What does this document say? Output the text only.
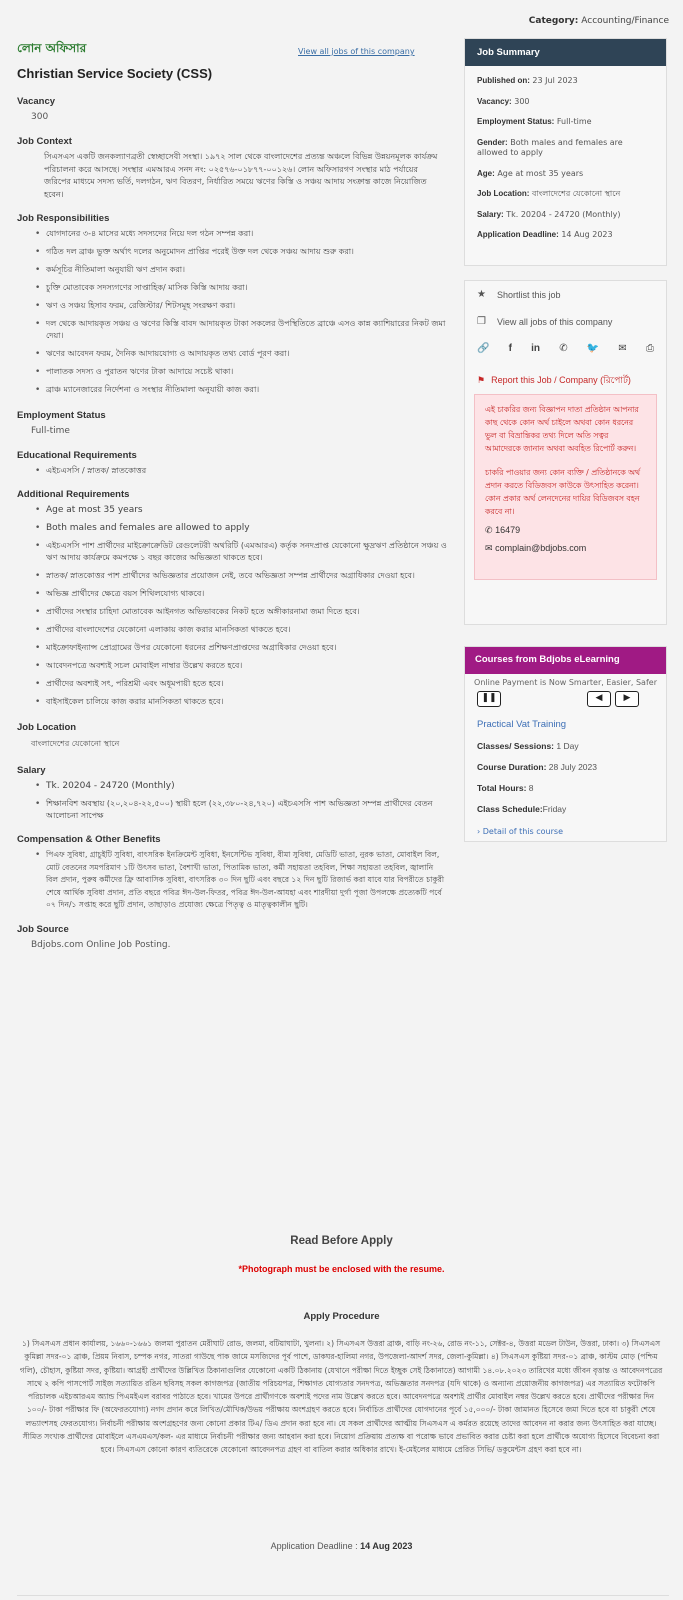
Category: Accounting/Finance
লোন অফিসার
Christian Service Society (CSS)
Vacancy
300
Job Context
সিএসএস একটি জনকল্যাণব্রতী স্বেচ্ছাসেবী সংস্থা। ১৯৭২ সাল থেকে বাংলাদেশের প্রত্যন্ত অঞ্চলে বিভিন্ন উন্নয়নমূলক কার্যক্রম পরিচালনা করে আসছে। সংস্থার এমআরএ সনদ নং: ০২৫৭৬-০১৮৭৭-০০১২৬। লোন অফিসারগণ সংস্থার মাঠ পর্যায়ের জরিপের মাধ্যমে সদস্য ভর্তি, দলগঠন, ঋণ বিতরণ, নির্ধারিত সময়ে ঋণের কিস্তি ও সঞ্চয় আদায় সংক্রান্ত কাজে নিয়োজিত হবেন।
Job Responsibilities
• যোগদানের ৩-৪ মাসের মধ্যে সদস্যদের নিয়ে দল গঠন সম্পন্ন করা।
• গঠিত দল ব্রাঞ্চ ভুক্ত অর্থাৎ দলের অনুমোদন প্রাপ্তির পরেই উক্ত দল থেকে সঞ্চয় আদায় শুরু করা।
• কর্মসূচির নীতিমালা অনুযায়ী ঋণ প্রদান করা।
• চুক্তি মোতাবেক সদস্যগণের সাপ্তাহিক/ মাসিক কিস্তি আদায় করা।
• ঋণ ও সঞ্চয় হিসাব ফরম, রেজিস্টার/ শিটসমূহ সংরক্ষণ করা।
• দল থেকে আদায়কৃত সঞ্চয় ও ঋণের কিস্তি বাবদ আদায়কৃত টাকা সকলের উপস্থিতিতে ব্রাঞ্চে এসও কান্ন ক্যাশিয়ারের নিকট জমা দেয়া।
• ঋণের আবেদন ফরম, দৈনিক আদায়যোগ্য ও আদায়কৃত তথ্য বোর্ড পূরণ করা।
• পালাতক সদস্য ও পুরাতন ঋণের টাকা আদায়ে সচেষ্ট থাকা।
• ব্রাঞ্চ ম্যানেজারের নির্দেশনা ও সংস্থার নীতিমালা অনুযায়ী কাজ করা।
Employment Status
Full-time
Educational Requirements
• এইচএসসি / স্নাতক/ স্নাতকোত্তর
Additional Requirements
• Age at most 35 years
• Both males and females are allowed to apply
• এইচএসসি পাশ প্রার্থীদের মাইক্রোক্রেডিট রেগুলেটরী অথরিটি (এমআরএ) কর্তৃক সনদপ্রাপ্ত যেকোনো ক্ষুদ্রঋণ প্রতিষ্ঠানে সঞ্চয় ও ঋণ আদায় কার্যক্রমে কমপক্ষে ১ বছর কাজের অভিজ্ঞতা থাকতে হবে।
• স্নাতক/ স্নাতকোত্তর পাশ প্রার্থীদের অভিজ্ঞতার প্রয়োজন নেই, তবে অভিজ্ঞতা সম্পন্ন প্রার্থীদের অগ্রাধিকার দেওয়া হবে।
• অভিজ্ঞ প্রার্থীদের ক্ষেত্রে বয়স শিথিলযোগ্য থাকবে।
• প্রার্থীদের সংস্থার চাহিদা মোতাবেক আইনগত অভিভাবকের নিকট হতে অঙ্গীকারনামা জমা দিতে হবে।
• প্রার্থীদের বাংলাদেশের যেকোনো এলাকায় কাজ করার মানসিকতা থাকতে হবে।
• মাইক্রোফাইন্যান্স প্রোগ্রামের উপর যেকোনো ধরনের প্রশিক্ষণপ্রাপ্তদের অগ্রাধিকার দেওয়া হবে।
• আবেদনপত্রে অবশ্যই সচল মোবাইল নাম্বার উল্লেখ করতে হবে।
• প্রার্থীদের অবশ্যই সৎ, পরিশ্রমী এবং অধূমপায়ী হতে হবে।
• বাইসাইকেল চালিয়ে কাজ করার মানসিকতা থাকতে হবে।
Job Location
বাংলাদেশের যেকোনো স্থানে
Salary
• Tk. 20204 - 24720 (Monthly)
• শিক্ষানবিশ অবস্থায় (২০,২০৪-২২,৫০০) স্থায়ী হলে (২২,৩৮০-২৪,৭২০) এইচএসসি পাশ অভিজ্ঞতা সম্পন্ন প্রার্থীদের বেতন আলোচনা সাপেক্ষ
Compensation & Other Benefits
• পিএফ সুবিধা, গ্রাচুইটি সুবিধা, বাৎসরিক ইনক্রিমেন্ট সুবিধা, ইনসেন্টিভ সুবিধা, বীমা সুবিধা, মেডিটি ভাতা, নুরক ভাতা, মোবাইল বিল, মোট বেতনের সমপরিমাণ ১টি উৎসব ভাতা, বৈশাখী ভাতা, পিতামিক ভাতা, কর্মী সহায়তা তহবিল, শিক্ষা সহায়তা তহবিল, জ্বালানি বিল প্রদান, পুরুষ কর্মীদের ফ্রি আবাসিক সুবিধা, বাৎসরিক ৩০ দিন ছুটি এবং বছরে ১২ দিন ছুটি রিজার্ভ করা যাবে যার বিপরীতে চাকুরী শেষে আর্থিক সুবিধা প্রদান, প্রতি বছরে পবিত্র ঈদ-উল-ফিতর, পবিত্র ঈদ-উল-আযহা এবং শারদীয়া দুর্গা পূজা উপলক্ষে প্রত্যেকটি পর্বে ০৭ দিন/১ সপ্তাহ করে ছুটি প্রদান, তাছাড়াও প্রযোজ্য ক্ষেত্রে পিতৃত্ব ও মাতৃত্বকালীন ছুটি।
Job Source
Bdjobs.com Online Job Posting.
View all jobs of this company
Read Before Apply
*Photograph must be enclosed with the resume.
Apply Procedure
১) সিএসএস প্রধান কার্যালয়, ১৬৬০-১৬৬১ জলমা পুরাতন মেরীঘাট রোড, জলমা, বটিয়াঘাটা, খুলনা। ২) সিএসএস উত্তরা ব্রাঞ্চ, বাড়ি নং-২৬, রোড নং-১১, সেক্টর-৪, উত্তরা মডেল টাউন, উত্তরা, ঢাকা। ৩) সিএসএস কুমিল্লা সদর-০১ ব্রাঞ্চ, প্রিয়ম নিবাস, চম্পক নগর, সাতরা গাউছে পাক জামে মসজিদের পূর্ব পাশে, ডাকঘর-হালিমা নগর, উপজেলা-আদর্শ সদর, জেলা-কুমিল্লা। ৪) সিএসএস কুষ্টিয়া সদর-০১ ব্রাঞ্চ, কাস্টম মোড় (পশ্চিম গলি), চৌহাস, কুষ্টিয়া সদর, কুষ্টিয়া। আগ্রহী প্রার্থীদের উল্লিখিত ঠিকানাগুলির যেকোনো একটি ঠিকানায় (যেখানে পরীক্ষা দিতে ইচ্ছুক সেই ঠিকানাতে) আগামী ১৪.০৮.২০২৩ তারিখের মধ্যে জীবন বৃত্তান্ত ও আবেদনপত্রের সাথে ২ কপি পাসপোর্ট সাইজ সত্যায়িত রঙিন ছবিসহ সকল কাগজপত্র (জাতীয় পরিচয়পত্র, শিক্ষাগত যোগ্যতার সনদপত্র, অভিজ্ঞতার সনদপত্র (যদি থাকে) ও অন্যান্য প্রয়োজনীয় কাগজপত্র) এর সত্যায়িত ফটোকপি পরিচালক এইচআরএম অ্যান্ড পিএমইএল বরাবর পাঠাতে হবে। খামের উপরে প্রার্থীগণকে অবশ্যই পদের নাম উল্লেখ করতে হবে। আবেদনপত্রে অবশ্যই প্রার্থীর মোবাইল নম্বর উল্লেখ করতে হবে। প্রার্থীদের পরীক্ষার দিন ১০০/- টাকা পরীক্ষার ফি (অফেরতযোগ্য) নগদ প্রদান করে লিখিত/মৌখিক/উভয় পরীক্ষায় অংশগ্রহণ করতে হবে। নির্বাচিত প্রার্থীদের যোগদানের পূর্বে ১৫,০০০/- টাকা জামানত হিসেবে জমা দিতে হবে যা চাকুরী শেষে লভ্যাংশসহ ফেরতযোগ্য। নির্বাচনী পরীক্ষায় অংশগ্রহণের জন্য কোনো প্রকার টিএ/ ডিএ প্রদান করা হবে না। যে সকল প্রার্থীদের আত্মীয় সিএসএস এ কর্মরত রয়েছে তাদের আবেদন না করার জন্য উৎসাহিত করা যাচ্ছে। সীমিত সংখ্যক প্রার্থীদের মোবাইলে এসএমএস/কল- এর মাধ্যমে নির্বাচনী পরীক্ষার জন্য আহবান করা হবে। নিয়োগ প্রক্রিয়ায় প্রত্যক্ষ বা পরোক্ষ ভাবে প্রভাবিত করার চেষ্টা করা হলে প্রার্থীকে অযোগ্য হিসেবে বিবেচনা করা হবে। সিএসএস কোনো কারণ ব্যতিরেকে যেকোনো আবেদনপত্র গ্রহণ বা বাতিল করার অধিকার রাখে। ই-মেইলের মাধ্যমে প্রেরিত সিভি/ ডকুমেন্টস গ্রহণ করা হবে না।
Application Deadline : 14 Aug 2023
Job Summary
Published on: 23 Jul 2023
Vacancy: 300
Employment Status: Full-time
Gender: Both males and females are allowed to apply
Age: Age at most 35 years
Job Location: বাংলাদেশের যেকোনো স্থানে
Salary: Tk. 20204 - 24720 (Monthly)
Application Deadline: 14 Aug 2023
★	Shortlist this job
❐	View all jobs of this company
🔗 f in ✆ 🐦 ✉ ⎙
⚑ Report this Job / Company (রিপোর্ট)

এই চাকরির জন্য বিজ্ঞাপন দাতা প্রতিষ্ঠান আপনার কাছ থেকে কোন অর্থ চাইলে অথবা কোন ধরনের ভুল বা বিভ্রান্তিকর তথ্য দিলে অতি সত্বর আমাদেরকে জানান অথবা অবহিত রিপোর্ট করুন।

চাকরি পাওয়ার জন্য কোন ব্যক্তি / প্রতিষ্ঠানকে অর্থ প্রদান করতে বিডিজবস কাউকে উৎসাহিত করেনা। কোন প্রকার অর্থ লেনদেনের দায়ির বিডিজবস বহন করবে না।

✆ 16479
✉ complain@bdjobs.com
Courses from Bdjobs eLearning
Online Payment is Now Smarter, Easier, Safer
❚❚	◀	▶
Practical Vat Training
Classes/ Sessions: 1 Day
Course Duration: 28 July 2023
Total Hours: 8
Class Schedule:Friday
› Detail of this course
